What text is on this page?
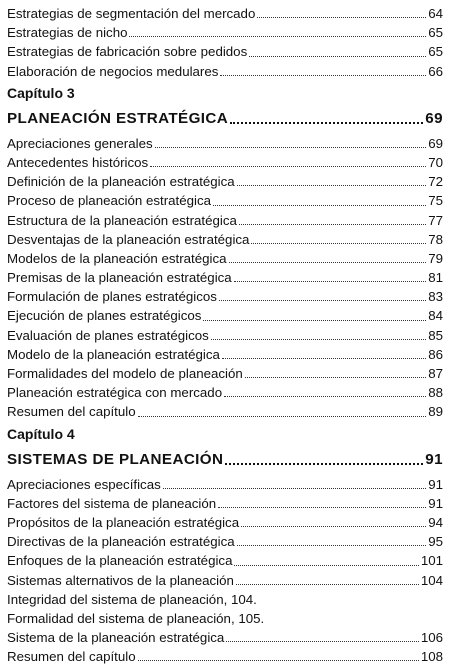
Estrategias de segmentación del mercado	64
Estrategias de nicho	65
Estrategias de fabricación sobre pedidos	65
Elaboración de negocios medulares	66
Capítulo 3
PLANEACIÓN ESTRATÉGICA	69
Apreciaciones generales	69
Antecedentes históricos	70
Definición de la planeación estratégica	72
Proceso de planeación estratégica	75
Estructura de la planeación estratégica	77
Desventajas de la planeación estratégica	78
Modelos de la planeación estratégica	79
Premisas de la planeación estratégica	81
Formulación de planes estratégicos	83
Ejecución de planes estratégicos	84
Evaluación de planes estratégicos	85
Modelo de la planeación estratégica	86
Formalidades del modelo de planeación	87
Planeación estratégica con mercado	88
Resumen del capítulo	89
Capítulo 4
SISTEMAS DE PLANEACIÓN	91
Apreciaciones específicas	91
Factores del sistema de planeación	91
Propósitos de la planeación estratégica	94
Directivas de la planeación estratégica	95
Enfoques de la planeación estratégica	101
Sistemas alternativos de la planeación	104
Integridad del sistema de planeación, 104.
Formalidad del sistema de planeación, 105.
Sistema de la planeación estratégica	106
Resumen del capítulo	108
